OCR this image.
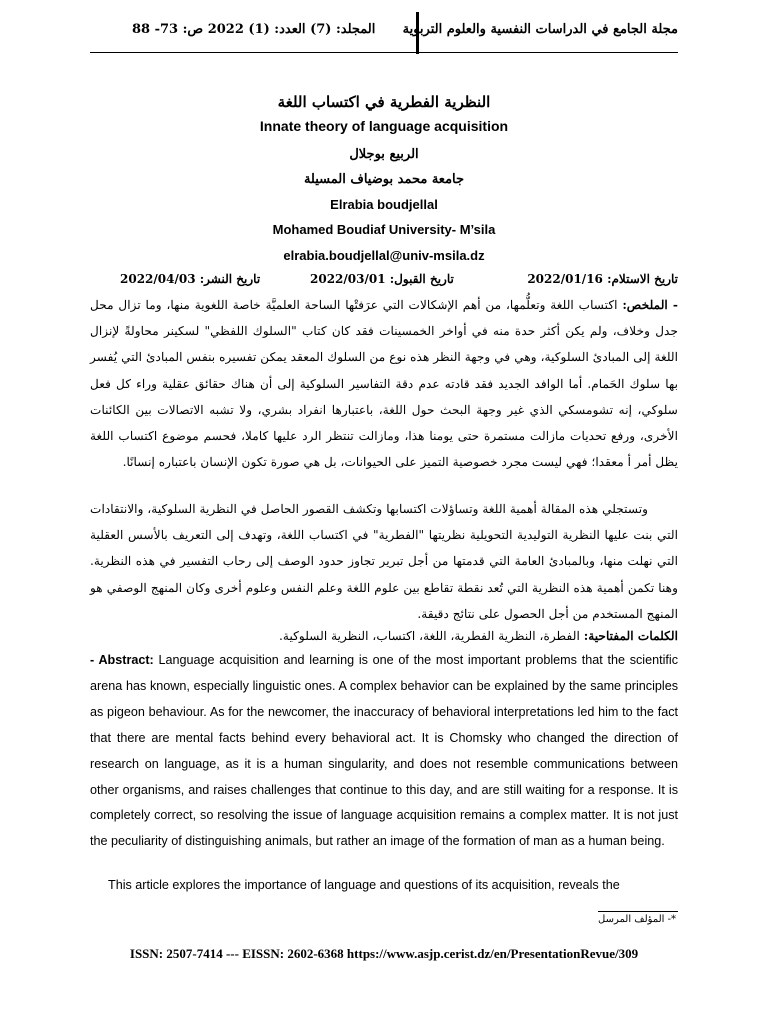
المجلد: (7) العدد: (1) 2022 ص: 73- 88 مجلة الجامع في الدراسات النفسية والعلوم التربوية
النظرية الفطرية في اكتساب اللغة
Innate theory of language acquisition
الربيع بوجلال
جامعة محمد بوضياف المسيلة
Elrabia boudjellal
Mohamed Boudiaf University- M’sila
elrabia.boudjellal@univ-msila.dz
تاريخ الاستلام: 2022/01/16
تاريخ القبول: 2022/03/01
تاريخ النشر: 2022/04/03

- الملخص: اكتساب اللغة وتعلُّمها، من أهم الإشكالات التي عرَفتْها الساحة العلميَّة خاصة اللغوية منها، وما تزال محل جدل وخلاف، ولم يكن أكثر حدة منه في أواخر الخمسينات فقد كان كتاب "السلوك اللفظي" لسكينر محاولةً لإنزال اللغة إلى المبادئ السلوكية، وهي في وجهة النظر هذه نوع من السلوك المعقد يمكن تفسيره بنفس المبادئ التي يُفسر بها سلوك الحَمام. أما الوافد الجديد فقد قادته عدم دقة التفاسير السلوكية إلى أن هناك حقائق عقلية وراء كل فعل سلوكي، إنه تشومسكي الذي غير وجهة البحث حول اللغة، باعتبارها انفراد بشري، ولا تشبه الاتصالات بين الكائنات الأخرى، ورفع تحديات مازالت مستمرة حتى يومنا هذا، ومازالت تنتظر الرد عليها كاملا، فحسم موضوع اكتساب اللغة يظل أمر أ معقدا؛ فهي ليست مجرد خصوصية التميز على الحيوانات، بل هي صورة تكون الإنسان باعتباره إنسانًا.

وتستجلي هذه المقالة أهمية اللغة وتساؤلات اكتسابها وتكشف القصور الحاصل في النظرية السلوكية، والانتقادات التي بنت عليها النظرية التوليدية التحويلية نظريتها "الفطرية" في اكتساب اللغة، وتهدف إلى التعريف بالأسس العقلية التي نهلت منها، وبالمبادئ العامة التي قدمتها من أجل تبرير تجاوز حدود الوصف إلى رحاب التفسير في هذه النظرية. وهنا تكمن أهمية هذه النظرية التي تُعد نقطة تقاطع بين علوم اللغة وعلم النفس وعلوم أخرى وكان المنهج الوصفي هو المنهج المستخدم من أجل الحصول على نتائج دقيقة.
الكلمات المفتاحية: الفطرة، النظرية الفطرية، اللغة، اكتساب، النظرية السلوكية.
- Abstract: Language acquisition and learning is one of the most important problems that the scientific arena has known, especially linguistic ones. A complex behavior can be explained by the same principles as pigeon behaviour. As for the newcomer, the inaccuracy of behavioral interpretations led him to the fact that there are mental facts behind every behavioral act. It is Chomsky who changed the direction of research on language, as it is a human singularity, and does not resemble communications between other organisms, and raises challenges that continue to this day, and are still waiting for a response. It is completely correct, so resolving the issue of language acquisition remains a complex matter. It is not just the peculiarity of distinguishing animals, but rather an image of the formation of man as a human being.
This article explores the importance of language and questions of its acquisition, reveals the
*- المؤلف المرسل
ISSN: 2507-7414 --- EISSN: 2602-6368 https://www.asjp.cerist.dz/en/PresentationRevue/309
